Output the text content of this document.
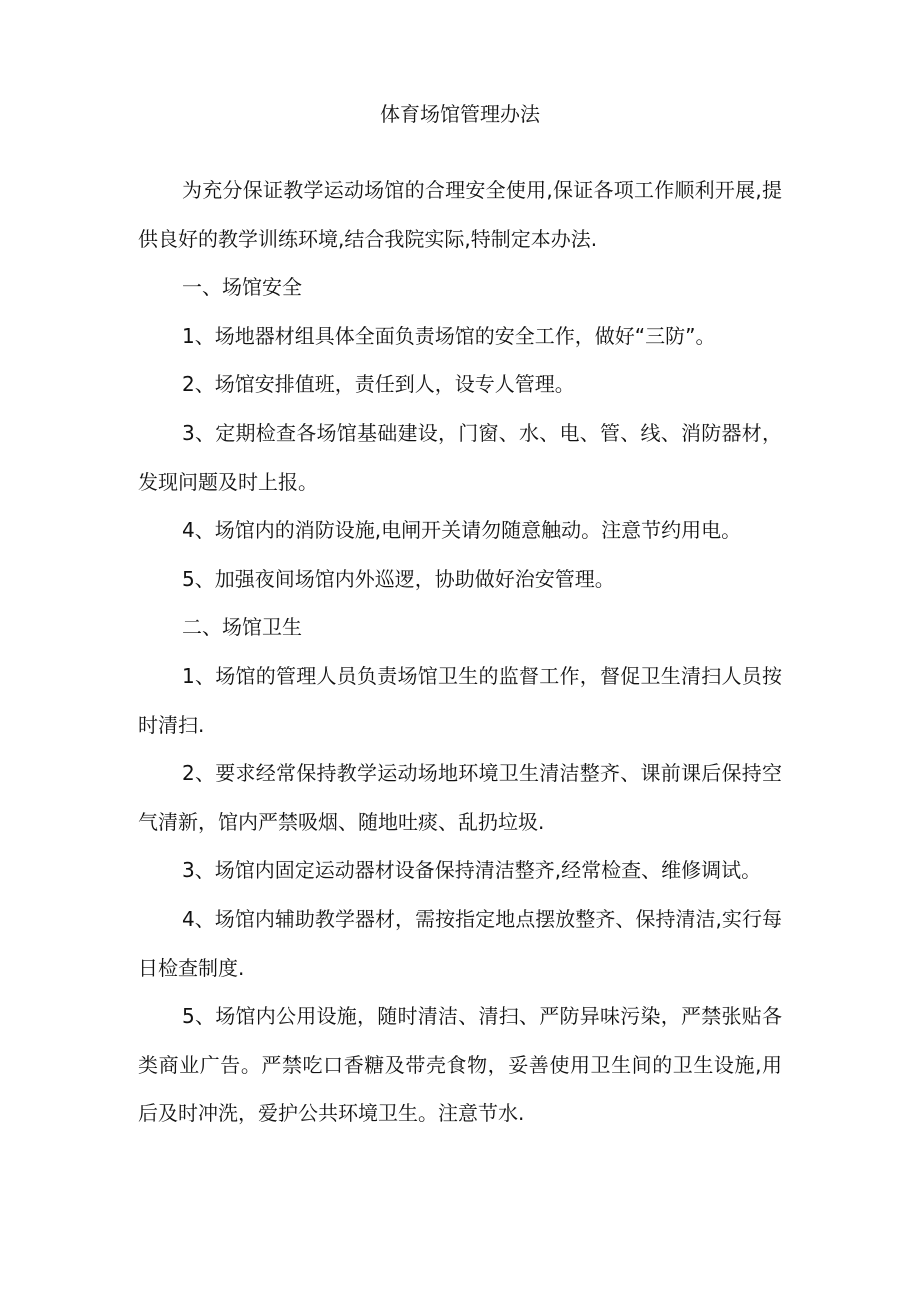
体育场馆管理办法

为充分保证教学运动场馆的合理安全使用,保证各项工作顺利开展,提供良好的教学训练环境,结合我院实际,特制定本办法.

一、场馆安全

1、场地器材组具体全面负责场馆的安全工作，做好“三防”。

2、场馆安排值班，责任到人，设专人管理。

3、定期检查各场馆基础建设，门窗、水、电、管、线、消防器材，发现问题及时上报。

4、场馆内的消防设施,电闸开关请勿随意触动。注意节约用电。

5、加强夜间场馆内外巡逻，协助做好治安管理。

二、场馆卫生

1、场馆的管理人员负责场馆卫生的监督工作，督促卫生清扫人员按时清扫.

2、要求经常保持教学运动场地环境卫生清洁整齐、课前课后保持空气清新，馆内严禁吸烟、随地吐痰、乱扔垃圾.

3、场馆内固定运动器材设备保持清洁整齐,经常检查、维修调试。

4、场馆内辅助教学器材，需按指定地点摆放整齐、保持清洁,实行每日检查制度.

5、场馆内公用设施，随时清洁、清扫、严防异味污染，严禁张贴各类商业广告。严禁吃口香糖及带壳食物，妥善使用卫生间的卫生设施,用后及时冲洗，爱护公共环境卫生。注意节水.
